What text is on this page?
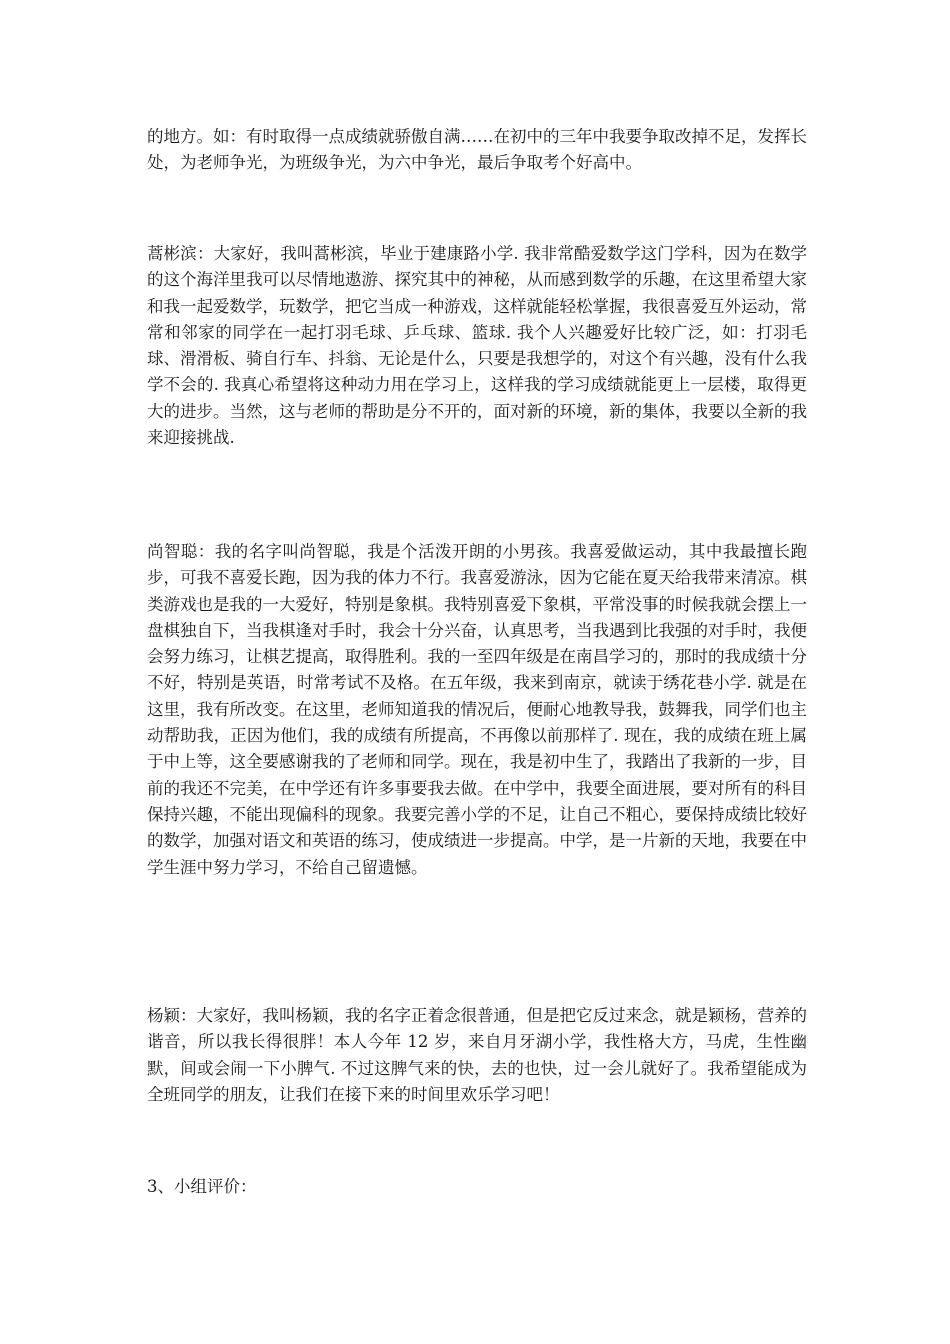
的地方。如：有时取得一点成绩就骄傲自满……在初中的三年中我要争取改掉不足，发挥长处，为老师争光，为班级争光，为六中争光，最后争取考个好高中。

蒿彬滨：大家好，我叫蒿彬滨，毕业于建康路小学. 我非常酷爱数学这门学科，因为在数学的这个海洋里我可以尽情地遨游、探究其中的神秘，从而感到数学的乐趣，在这里希望大家和我一起爱数学，玩数学，把它当成一种游戏，这样就能轻松掌握，我很喜爱互外运动，常常和邻家的同学在一起打羽毛球、乒乓球、篮球. 我个人兴趣爱好比较广泛，如：打羽毛球、滑滑板、骑自行车、抖翁、无论是什么，只要是我想学的，对这个有兴趣，没有什么我学不会的. 我真心希望将这种动力用在学习上，这样我的学习成绩就能更上一层楼，取得更大的进步。当然，这与老师的帮助是分不开的，面对新的环境，新的集体，我要以全新的我来迎接挑战.

尚智聪：我的名字叫尚智聪，我是个活泼开朗的小男孩。我喜爱做运动，其中我最擅长跑步，可我不喜爱长跑，因为我的体力不行。我喜爱游泳，因为它能在夏天给我带来清凉。棋类游戏也是我的一大爱好，特别是象棋。我特别喜爱下象棋，平常没事的时候我就会摆上一盘棋独自下，当我棋逢对手时，我会十分兴奋，认真思考，当我遇到比我强的对手时，我便会努力练习，让棋艺提高，取得胜利。我的一至四年级是在南昌学习的，那时的我成绩十分不好，特别是英语，时常考试不及格。在五年级，我来到南京，就读于绣花巷小学. 就是在这里，我有所改变。在这里，老师知道我的情况后，便耐心地教导我，鼓舞我，同学们也主动帮助我，正因为他们，我的成绩有所提高，不再像以前那样了. 现在，我的成绩在班上属于中上等，这全要感谢我的了老师和同学。现在，我是初中生了，我踏出了我新的一步，目前的我还不完美，在中学还有许多事要我去做。在中学中，我要全面进展，要对所有的科目保持兴趣，不能出现偏科的现象。我要完善小学的不足，让自己不粗心，要保持成绩比较好的数学，加强对语文和英语的练习，使成绩进一步提高。中学，是一片新的天地，我要在中学生涯中努力学习，不给自己留遗憾。

杨颖：大家好，我叫杨颖，我的名字正着念很普通，但是把它反过来念，就是颖杨，营养的谐音，所以我长得很胖！本人今年 12 岁，来自月牙湖小学，我性格大方，马虎，生性幽默，间或会闹一下小脾气. 不过这脾气来的快，去的也快，过一会儿就好了。我希望能成为全班同学的朋友，让我们在接下来的时间里欢乐学习吧！

3、小组评价：
